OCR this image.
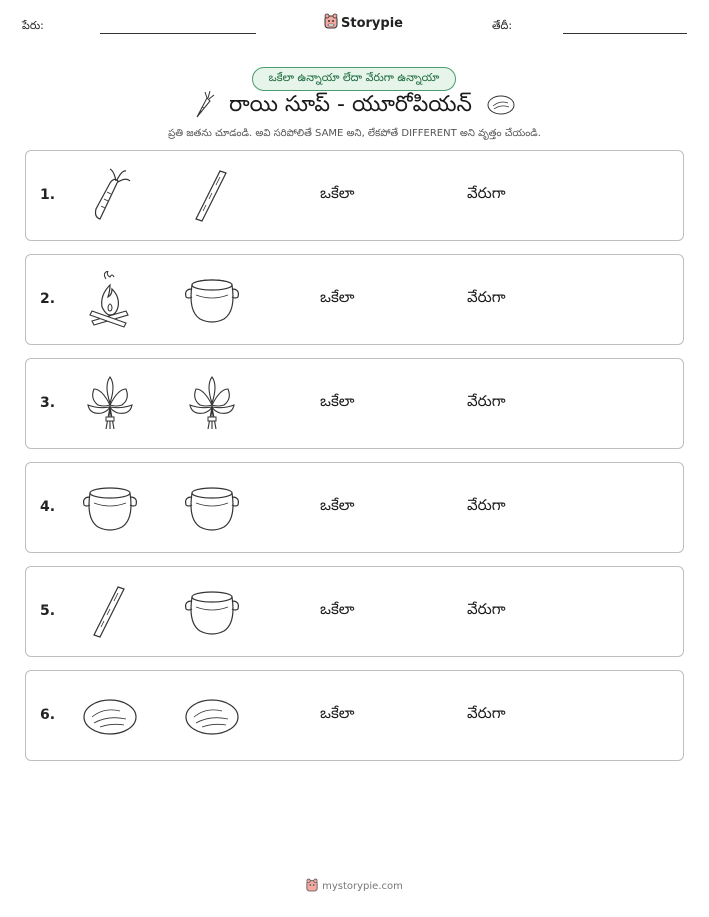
పేరు:	Storypie	తేదీ:
ఒకేలా ఉన్నాయా లేదా వేరుగా ఉన్నాయా
రాయి సూప్ - యూరోపియన్
ప్రతి జతను చూడండి. అవి సరిపోలితే SAME అని, లేకపోతే DIFFERENT అని వృత్తం చేయండి.
1.	ఒకేలా	వేరుగా
2.	ఒకేలా	వేరుగా
3.	ఒకేలా	వేరుగా
4.	ఒకేలా	వేరుగా
5.	ఒకేలా	వేరుగా
6.	ఒకేలా	వేరుగా
mystorypie.com
